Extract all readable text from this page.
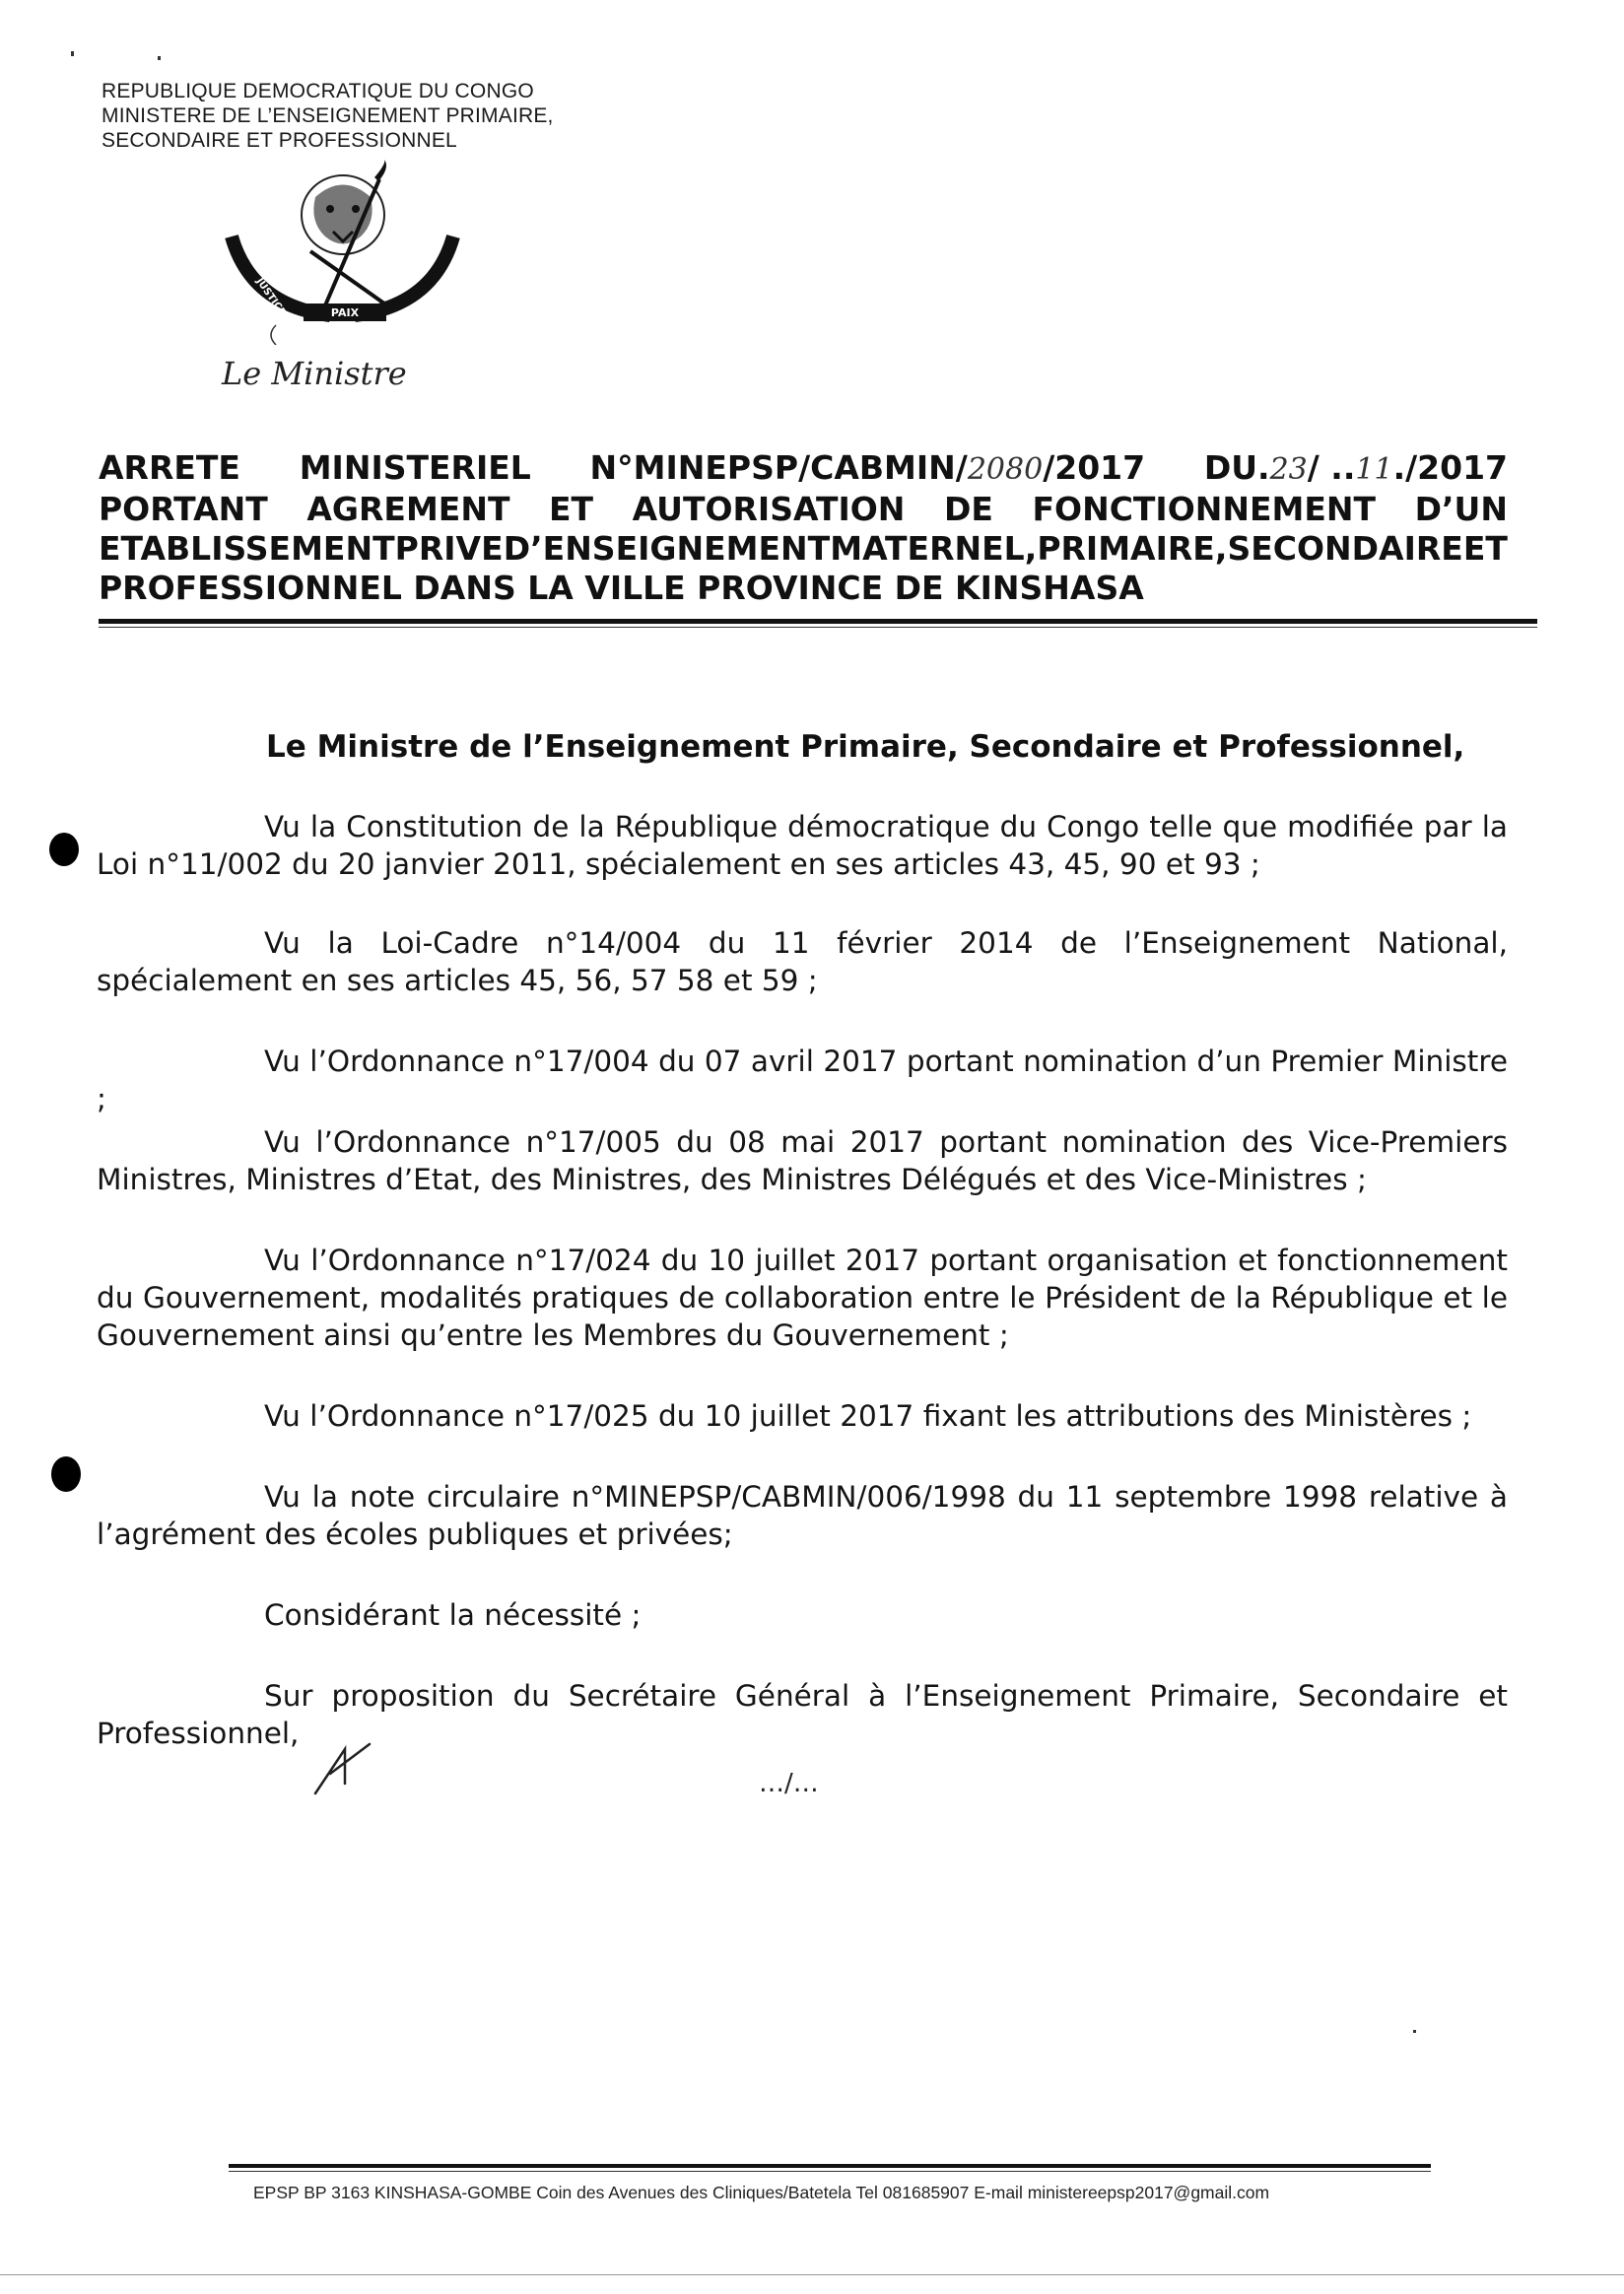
REPUBLIQUE DEMOCRATIQUE DU CONGO
MINISTERE DE L’ENSEIGNEMENT PRIMAIRE,
SECONDAIRE ET PROFESSIONNEL
PAIX
JUSTICE
TRAVAIL
Le Ministre
ARRETE MINISTERIEL N°MINEPSP/CABMIN/2080/2017 DU.23/ ..11./2017
PORTANT AGREMENT ET AUTORISATION DE FONCTIONNEMENT D’UN
ETABLISSEMENT PRIVE D’ENSEIGNEMENT MATERNEL, PRIMAIRE, SECONDAIRE ET
PROFESSIONNEL DANS LA VILLE PROVINCE DE KINSHASA
Le Ministre de l’Enseignement Primaire, Secondaire et Professionnel,

Vu la Constitution de la République démocratique du Congo telle que modifiée par la Loi n°11/002 du 20 janvier 2011, spécialement en ses articles 43, 45, 90 et 93 ;

Vu la Loi-Cadre n°14/004 du 11 février 2014 de l’Enseignement National, spécialement en ses articles 45, 56, 57 58 et 59 ;

Vu l’Ordonnance n°17/004 du 07 avril 2017 portant nomination d’un Premier Ministre ;

Vu l’Ordonnance n°17/005 du 08 mai 2017 portant nomination des Vice-Premiers Ministres, Ministres d’Etat, des Ministres, des Ministres Délégués et des Vice-Ministres ;

Vu l’Ordonnance n°17/024 du 10 juillet 2017 portant organisation et fonctionnement du Gouvernement, modalités pratiques de collaboration entre le Président de la République et le Gouvernement ainsi qu’entre les Membres du Gouvernement ;

Vu l’Ordonnance n°17/025 du 10 juillet 2017 fixant les attributions des Ministères ;

Vu la note circulaire n°MINEPSP/CABMIN/006/1998 du 11 septembre 1998 relative à l’agrément des écoles publiques et privées;

Considérant la nécessité ;

Sur proposition du Secrétaire Général à l’Enseignement Primaire, Secondaire et Professionnel,

…/…
EPSP BP 3163 KINSHASA-GOMBE Coin des Avenues des Cliniques/Batetela Tel 081685907 E-mail ministereepsp2017@gmail.com
